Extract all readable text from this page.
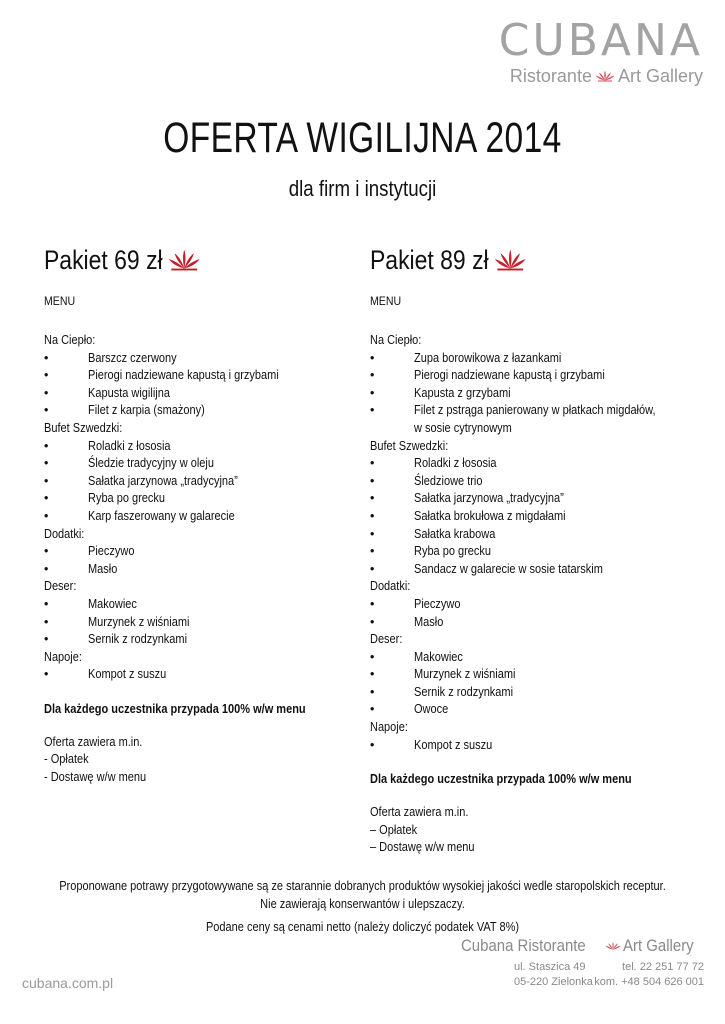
CUBANA
Ristorante Art Gallery
OFERTA WIGILIJNA 2014
dla firm i instytucji
Pakiet 69 zł
MENU
Na Ciepło:
•	Barszcz czerwony
•	Pierogi nadziewane kapustą i grzybami
•	Kapusta wigilijna
•	Filet z karpia (smażony)
Bufet Szwedzki:
•	Roladki z łososia
•	Śledzie tradycyjny w oleju
•	Sałatka jarzynowa „tradycyjna”
•	Ryba po grecku
•	Karp faszerowany w galarecie
Dodatki:
•	Pieczywo
•	Masło
Deser:
•	Makowiec
•	Murzynek z wiśniami
•	Sernik z rodzynkami
Napoje:
•	Kompot z suszu
Dla każdego uczestnika przypada 100% w/w menu
Oferta zawiera m.in.
- Opłatek
- Dostawę w/w menu
Pakiet 89 zł
MENU
Na Ciepło:
•	Zupa borowikowa z łazankami
•	Pierogi nadziewane kapustą i grzybami
•	Kapusta z grzybami
•	Filet z pstrąga panierowany w płatkach migdałów, w sosie cytrynowym
Bufet Szwedzki:
•	Roladki z łososia
•	Śledziowe trio
•	Sałatka jarzynowa „tradycyjna”
•	Sałatka brokułowa z migdałami
•	Sałatka krabowa
•	Ryba po grecku
•	Sandacz w galarecie w sosie tatarskim
Dodatki:
•	Pieczywo
•	Masło
Deser:
•	Makowiec
•	Murzynek z wiśniami
•	Sernik z rodzynkami
•	Owoce
Napoje:
•	Kompot z suszu
Dla każdego uczestnika przypada 100% w/w menu
Oferta zawiera m.in.
– Opłatek
– Dostawę w/w menu

Proponowane potrawy przygotowywane są ze starannie dobranych produktów wysokiej jakości wedle staropolskich receptur.

Nie zawierają konserwantów i ulepszaczy.

Podane ceny są cenami netto (należy doliczyć podatek VAT 8%)

Cubana Ristorante Art Gallery
ul. Staszica 49
05-220 Zielonka
tel. 22 251 77 72
kom. +48 504 626 001
cubana.com.pl
